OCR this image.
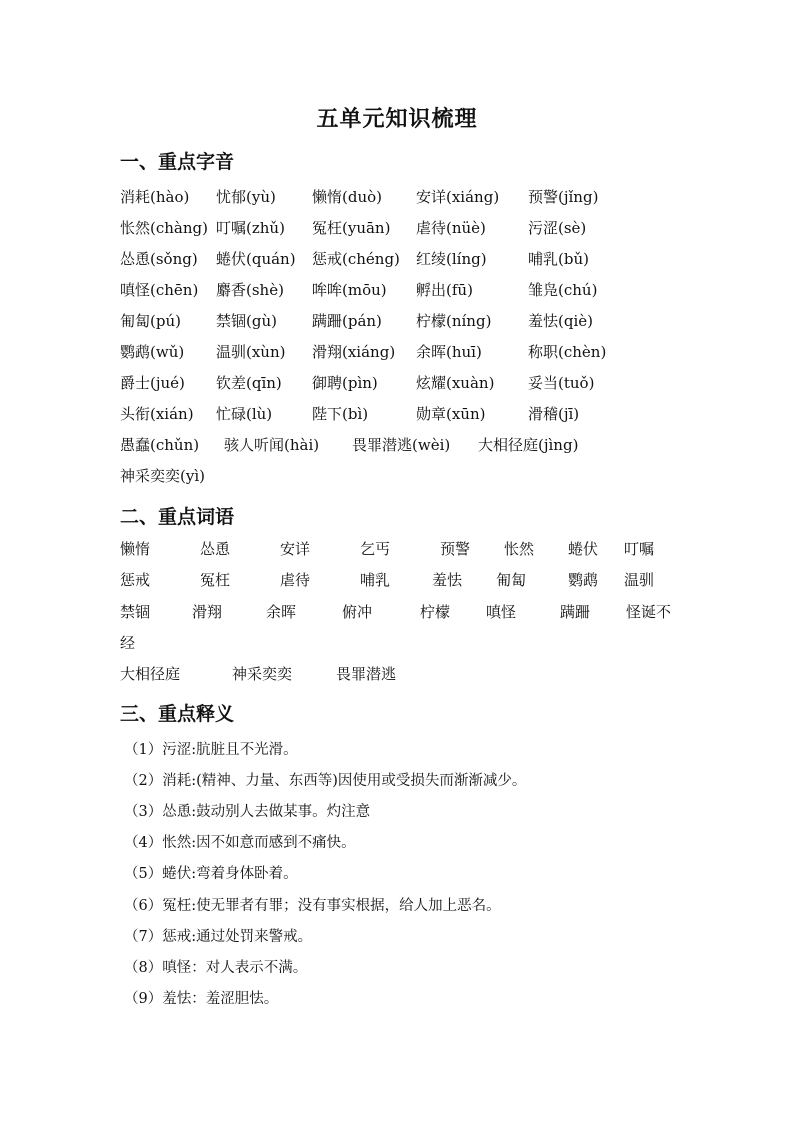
五单元知识梳理
一、重点字音
消耗(hào) 忧郁(yù) 懒惰(duò) 安详(xiáng) 预警(jǐng)
怅然(chàng) 叮嘱(zhǔ) 冤枉(yuān) 虐待(nüè)	污涩(sè)
怂恿(sǒng) 蜷伏(quán) 惩戒(chéng) 红绫(líng)	哺乳(bǔ)
嗔怪(chēn) 麝香(shè) 哞哞(mōu) 孵出(fū)	雏凫(chú)
匍匐(pú) 禁锢(gù) 蹒跚(pán) 柠檬(níng) 羞怯(qiè)
鹦鹉(wǔ) 温驯(xùn) 滑翔(xiáng) 余晖(huī)	称职(chèn)
爵士(jué) 钦差(qīn) 御聘(pìn)	炫耀(xuàn) 妥当(tuǒ)
头衔(xián) 忙碌(lù)	陛下(bì)	勋章(xūn)	滑稽(jī)
愚蠢(chǔn) 骇人听闻(hài) 畏罪潜逃(wèi) 大相径庭(jìng)
神采奕奕(yì)
二、重点词语
懒惰	怂恿	安详	乞丐	预警 怅然 蜷伏 叮嘱
惩戒	冤枉	虐待	哺乳	羞怯 匍匐	鹦鹉 温驯
禁锢	滑翔	余晖	俯冲	柠檬 嗔怪	蹒跚 怪诞不
经
大相径庭	神采奕奕	畏罪潜逃
三、重点释义
（1）污涩:肮脏且不光滑。
（2）消耗:(精神、力量、东西等)因使用或受损失而渐渐减少。
（3）怂恿:鼓动别人去做某事。灼注意
（4）怅然:因不如意而感到不痛快。
（5）蜷伏:弯着身体卧着。
（6）冤枉:使无罪者有罪；没有事实根据，给人加上恶名。
（7）惩戒:通过处罚来警戒。
（8）嗔怪：对人表示不满。
（9）羞怯：羞涩胆怯。
